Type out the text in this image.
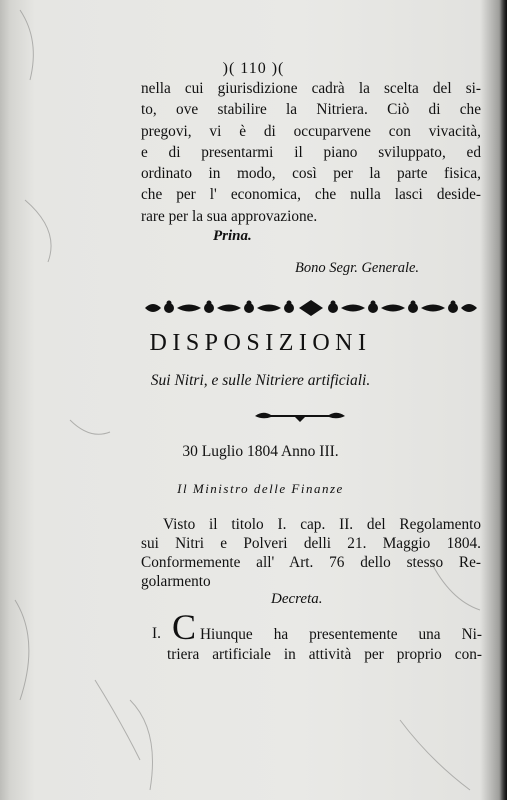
)( 110 )(
nella cui giurisdizione cadrà la scelta del si-
to, ove stabilire la Nitriera. Ciò di che
pregovi, vi è di occuparvene con vivacità,
e di presentarmi il piano sviluppato, ed
ordinato in modo, così per la parte fisica,
che per l' economica, che nulla lasci deside-
rare per la sua approvazione.
Prina.
Bono Segr. Generale.
DISPOSIZIONI
Sui Nitri, e sulle Nitriere artificiali.
30 Luglio 1804 Anno III.
Il Ministro delle Finanze
Visto il titolo I. cap. II. del Regolamento
sui Nitri e Polveri delli 21. Maggio 1804.
Conformemente all' Art. 76 dello stesso Re-
golarmento
Decreta.
I. C Hiunque ha presentemente una Ni-
triera artificiale in attività per proprio con-
